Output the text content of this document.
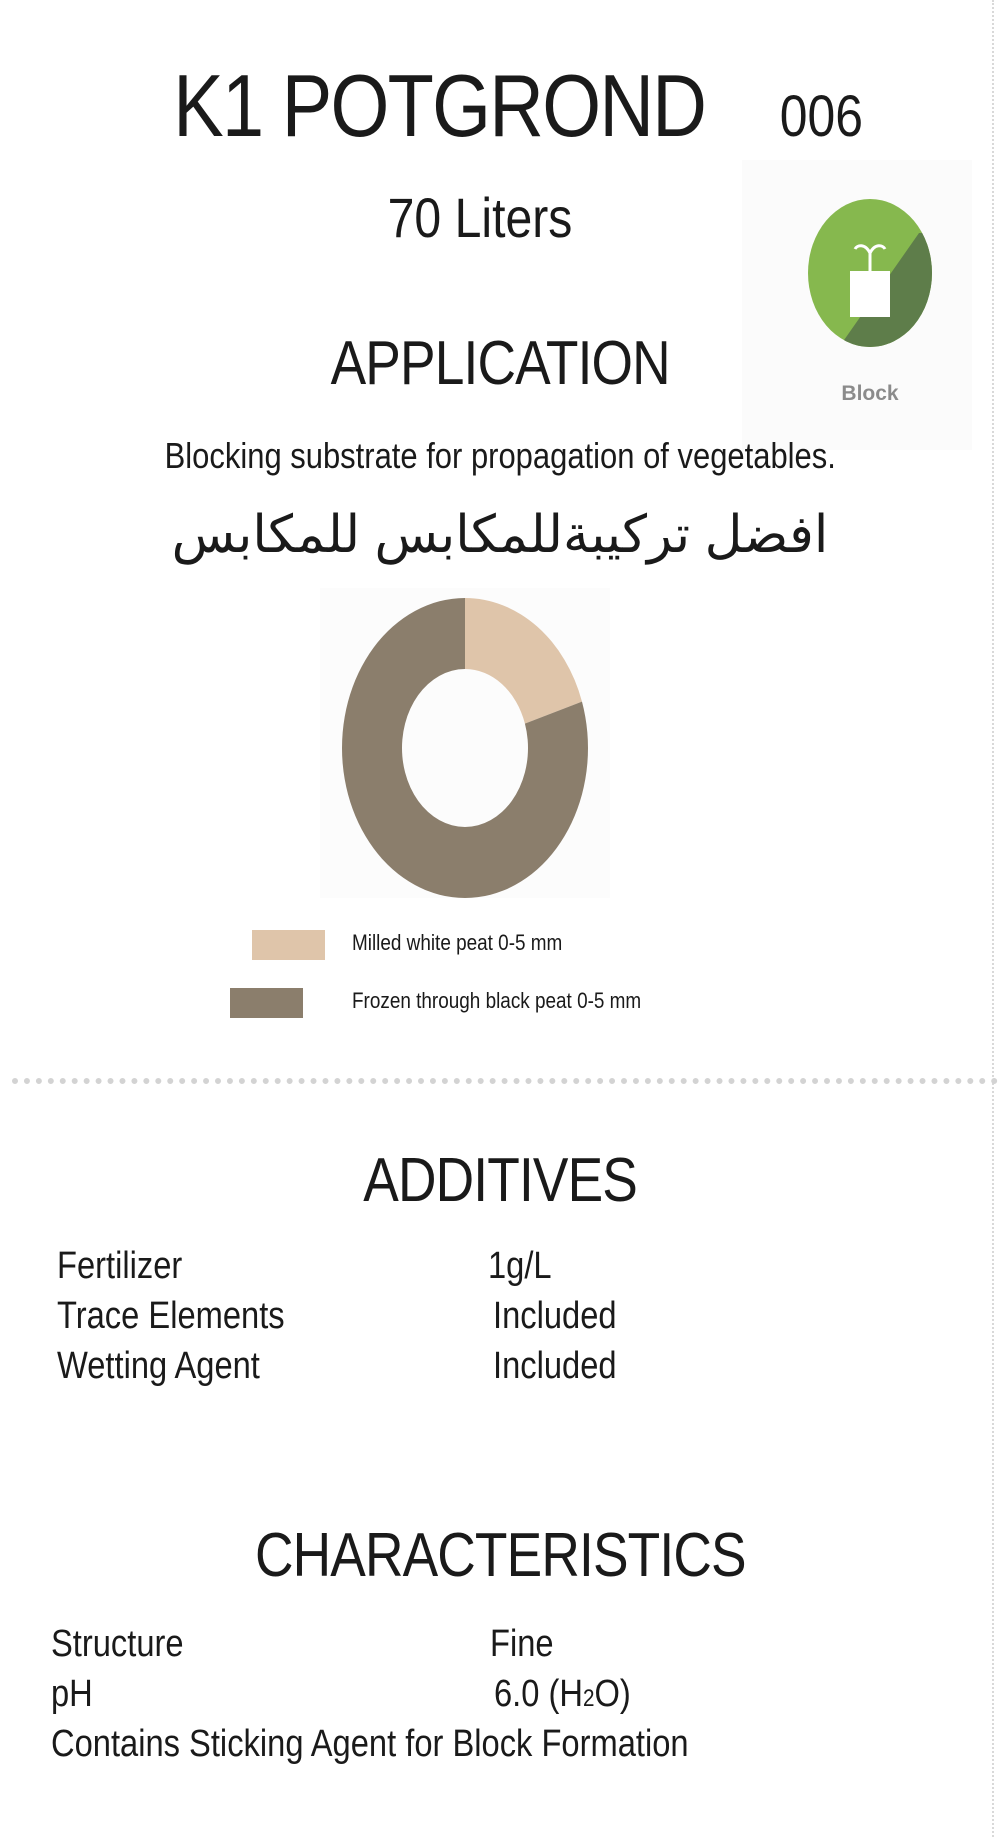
K1 POTGROND 006
70 Liters
Block
APPLICATION
Blocking substrate for propagation of vegetables.
افضل تركيبةللمكابس للمكابس
Milled white peat 0-5 mm
Frozen through black peat 0-5 mm
ADDITIVES
Fertilizer	1g/L
Trace Elements	Included
Wetting Agent	Included
CHARACTERISTICS
Structure	Fine
pH	6.0 (H2O)
Contains Sticking Agent for Block Formation
